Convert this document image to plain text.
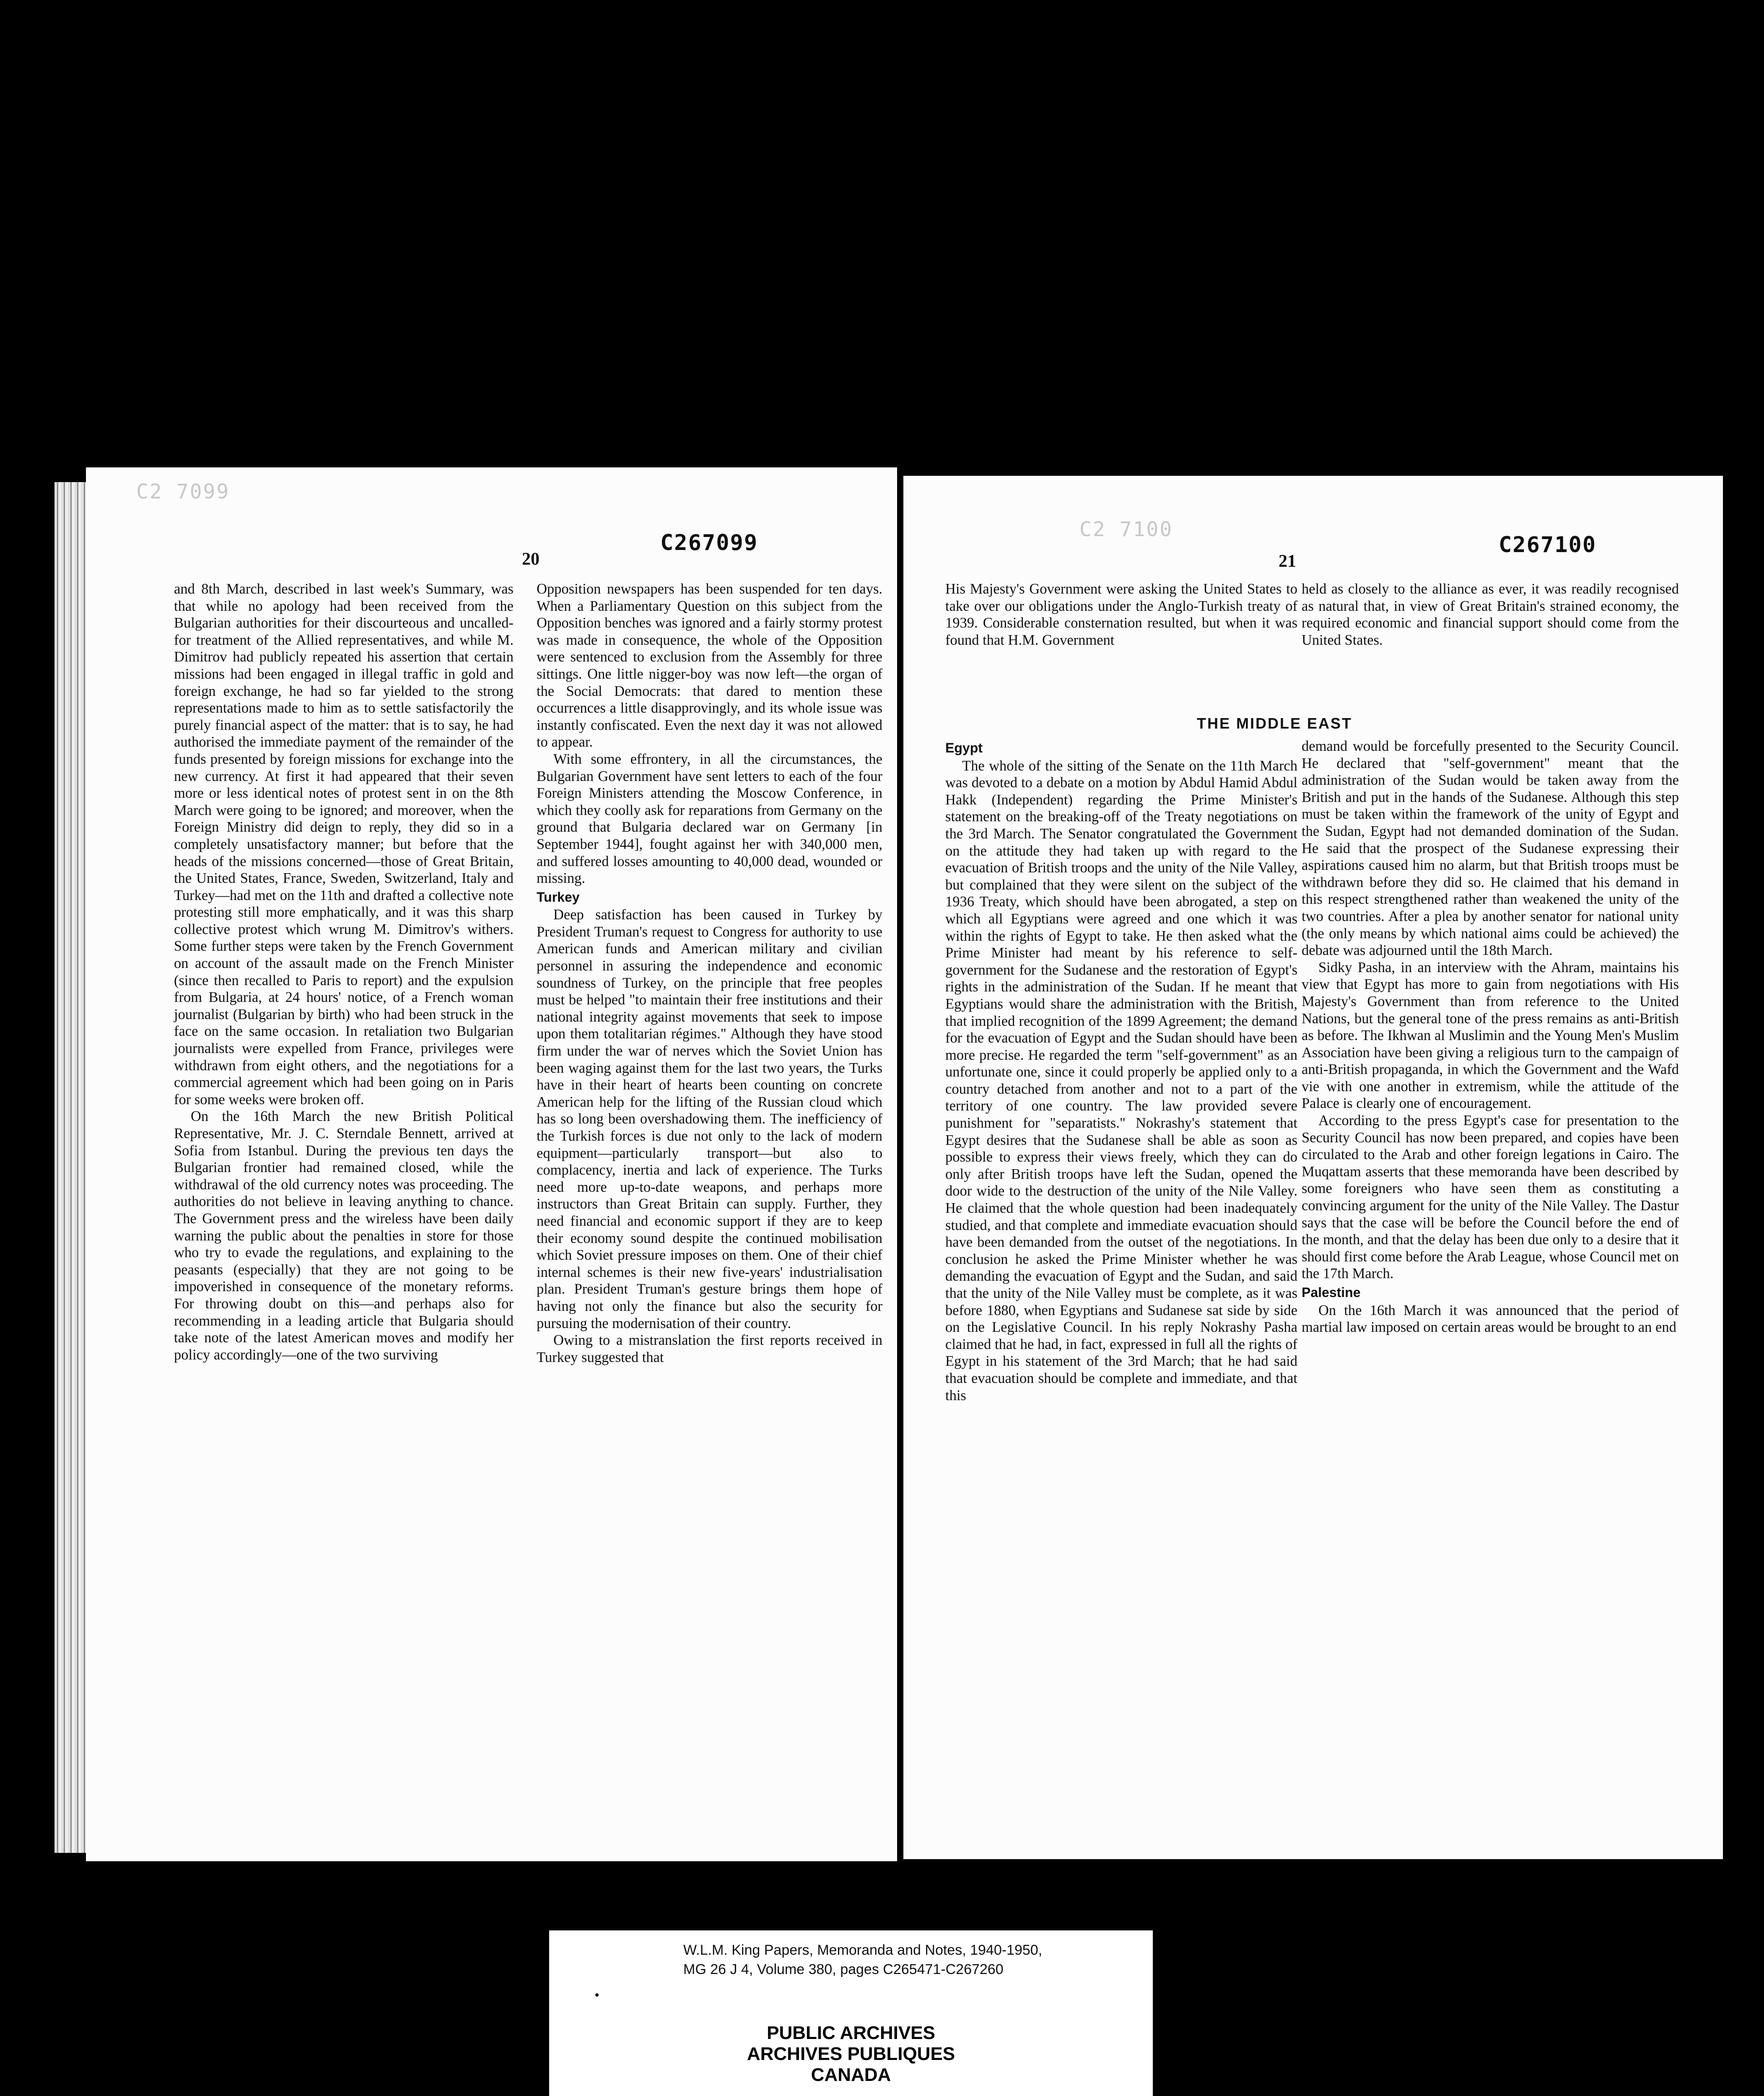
C2 7099
20
C267099

and 8th March, described in last week's Summary, was that while no apology had been received from the Bulgarian authorities for their discourteous and uncalled-for treatment of the Allied representatives, and while M. Dimitrov had publicly repeated his assertion that certain missions had been engaged in illegal traffic in gold and foreign exchange, he had so far yielded to the strong representations made to him as to settle satisfactorily the purely financial aspect of the matter: that is to say, he had authorised the immediate payment of the remainder of the funds presented by foreign missions for exchange into the new currency. At first it had appeared that their seven more or less identical notes of protest sent in on the 8th March were going to be ignored; and moreover, when the Foreign Ministry did deign to reply, they did so in a completely unsatisfactory manner; but before that the heads of the missions concerned—those of Great Britain, the United States, France, Sweden, Switzerland, Italy and Turkey—had met on the 11th and drafted a collective note protesting still more emphatically, and it was this sharp collective protest which wrung M. Dimitrov's withers. Some further steps were taken by the French Government on account of the assault made on the French Minister (since then recalled to Paris to report) and the expulsion from Bulgaria, at 24 hours' notice, of a French woman journalist (Bulgarian by birth) who had been struck in the face on the same occasion. In retaliation two Bulgarian journalists were expelled from France, privileges were withdrawn from eight others, and the negotiations for a commercial agreement which had been going on in Paris for some weeks were broken off.

On the 16th March the new British Political Representative, Mr. J. C. Sterndale Bennett, arrived at Sofia from Istanbul. During the previous ten days the Bulgarian frontier had remained closed, while the withdrawal of the old currency notes was proceeding. The authorities do not believe in leaving anything to chance. The Government press and the wireless have been daily warning the public about the penalties in store for those who try to evade the regulations, and explaining to the peasants (especially) that they are not going to be impoverished in consequence of the monetary reforms. For throwing doubt on this—and perhaps also for recommending in a leading article that Bulgaria should take note of the latest American moves and modify her policy accordingly—one of the two surviving

Opposition newspapers has been suspended for ten days. When a Parliamentary Question on this subject from the Opposition benches was ignored and a fairly stormy protest was made in consequence, the whole of the Opposition were sentenced to exclusion from the Assembly for three sittings. One little nigger-boy was now left—the organ of the Social Democrats: that dared to mention these occurrences a little disapprovingly, and its whole issue was instantly confiscated. Even the next day it was not allowed to appear.

With some effrontery, in all the circumstances, the Bulgarian Government have sent letters to each of the four Foreign Ministers attending the Moscow Conference, in which they coolly ask for reparations from Germany on the ground that Bulgaria declared war on Germany [in September 1944], fought against her with 340,000 men, and suffered losses amounting to 40,000 dead, wounded or missing.

Turkey

Deep satisfaction has been caused in Turkey by President Truman's request to Congress for authority to use American funds and American military and civilian personnel in assuring the independence and economic soundness of Turkey, on the principle that free peoples must be helped "to maintain their free institutions and their national integrity against movements that seek to impose upon them totalitarian régimes." Although they have stood firm under the war of nerves which the Soviet Union has been waging against them for the last two years, the Turks have in their heart of hearts been counting on concrete American help for the lifting of the Russian cloud which has so long been overshadowing them. The inefficiency of the Turkish forces is due not only to the lack of modern equipment—particularly transport—but also to complacency, inertia and lack of experience. The Turks need more up-to-date weapons, and perhaps more instructors than Great Britain can supply. Further, they need financial and economic support if they are to keep their economy sound despite the continued mobilisation which Soviet pressure imposes on them. One of their chief internal schemes is their new five-years' industrialisation plan. President Truman's gesture brings them hope of having not only the finance but also the security for pursuing the modernisation of their country.

Owing to a mistranslation the first reports received in Turkey suggested that

C2 7100
21
C267100

His Majesty's Government were asking the United States to take over our obligations under the Anglo-Turkish treaty of 1939. Considerable consternation resulted, but when it was found that H.M. Government

held as closely to the alliance as ever, it was readily recognised as natural that, in view of Great Britain's strained economy, the required economic and financial support should come from the United States.

THE MIDDLE EAST
Egypt

The whole of the sitting of the Senate on the 11th March was devoted to a debate on a motion by Abdul Hamid Abdul Hakk (Independent) regarding the Prime Minister's statement on the breaking-off of the Treaty negotiations on the 3rd March. The Senator congratulated the Government on the attitude they had taken up with regard to the evacuation of British troops and the unity of the Nile Valley, but complained that they were silent on the subject of the 1936 Treaty, which should have been abrogated, a step on which all Egyptians were agreed and one which it was within the rights of Egypt to take. He then asked what the Prime Minister had meant by his reference to self-government for the Sudanese and the restoration of Egypt's rights in the administration of the Sudan. If he meant that Egyptians would share the administration with the British, that implied recognition of the 1899 Agreement; the demand for the evacuation of Egypt and the Sudan should have been more precise. He regarded the term "self-government" as an unfortunate one, since it could properly be applied only to a country detached from another and not to a part of the territory of one country. The law provided severe punishment for "separatists." Nokrashy's statement that Egypt desires that the Sudanese shall be able as soon as possible to express their views freely, which they can do only after British troops have left the Sudan, opened the door wide to the destruction of the unity of the Nile Valley. He claimed that the whole question had been inadequately studied, and that complete and immediate evacuation should have been demanded from the outset of the negotiations. In conclusion he asked the Prime Minister whether he was demanding the evacuation of Egypt and the Sudan, and said that the unity of the Nile Valley must be complete, as it was before 1880, when Egyptians and Sudanese sat side by side on the Legislative Council. In his reply Nokrashy Pasha claimed that he had, in fact, expressed in full all the rights of Egypt in his statement of the 3rd March; that he had said that evacuation should be complete and immediate, and that this

demand would be forcefully presented to the Security Council. He declared that "self-government" meant that the administration of the Sudan would be taken away from the British and put in the hands of the Sudanese. Although this step must be taken within the framework of the unity of Egypt and the Sudan, Egypt had not demanded domination of the Sudan. He said that the prospect of the Sudanese expressing their aspirations caused him no alarm, but that British troops must be withdrawn before they did so. He claimed that his demand in this respect strengthened rather than weakened the unity of the two countries. After a plea by another senator for national unity (the only means by which national aims could be achieved) the debate was adjourned until the 18th March.

Sidky Pasha, in an interview with the Ahram, maintains his view that Egypt has more to gain from negotiations with His Majesty's Government than from reference to the United Nations, but the general tone of the press remains as anti-British as before. The Ikhwan al Muslimin and the Young Men's Muslim Association have been giving a religious turn to the campaign of anti-British propaganda, in which the Government and the Wafd vie with one another in extremism, while the attitude of the Palace is clearly one of encouragement.

According to the press Egypt's case for presentation to the Security Council has now been prepared, and copies have been circulated to the Arab and other foreign legations in Cairo. The Muqattam asserts that these memoranda have been described by some foreigners who have seen them as constituting a convincing argument for the unity of the Nile Valley. The Dastur says that the case will be before the Council before the end of the month, and that the delay has been due only to a desire that it should first come before the Arab League, whose Council met on the 17th March.

Palestine

On the 16th March it was announced that the period of martial law imposed on certain areas would be brought to an end

W.L.M. King Papers, Memoranda and Notes, 1940-1950,
MG 26 J 4, Volume 380, pages C265471-C267260
PUBLIC ARCHIVES
ARCHIVES PUBLIQUES
CANADA
